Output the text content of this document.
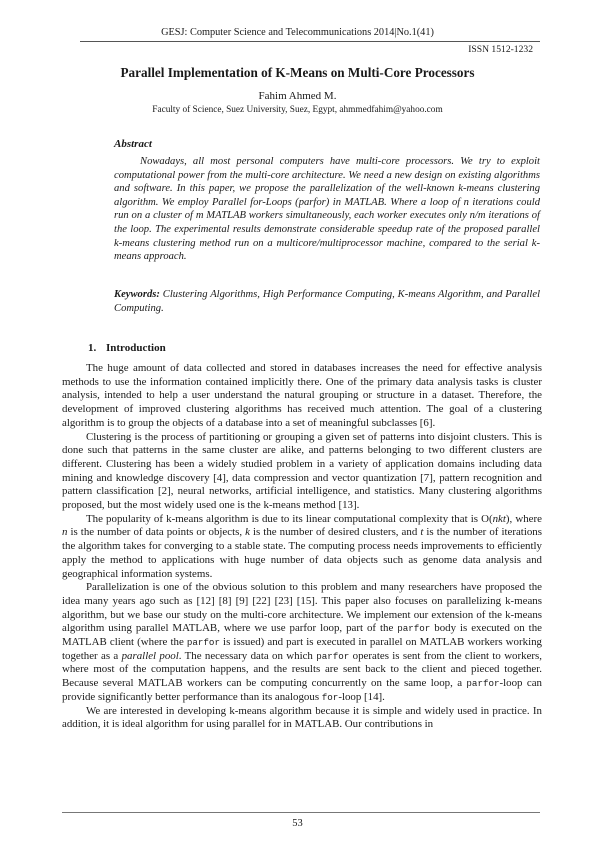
GESJ: Computer Science and Telecommunications 2014|No.1(41)
ISSN 1512-1232
Parallel Implementation of K-Means on Multi-Core Processors
Fahim Ahmed M.
Faculty of Science, Suez University, Suez, Egypt, ahmmedfahim@yahoo.com
Abstract

Nowadays, all most personal computers have multi-core processors. We try to exploit computational power from the multi-core architecture. We need a new design on existing algorithms and software. In this paper, we propose the parallelization of the well-known k-means clustering algorithm. We employ Parallel for-Loops (parfor) in MATLAB. Where a loop of n iterations could run on a cluster of m MATLAB workers simultaneously, each worker executes only n/m iterations of the loop. The experimental results demonstrate considerable speedup rate of the proposed parallel k-means clustering method run on a multicore/multiprocessor machine, compared to the serial k-means approach.

Keywords: Clustering Algorithms, High Performance Computing, K-means Algorithm, and Parallel Computing.

1. Introduction

The huge amount of data collected and stored in databases increases the need for effective analysis methods to use the information contained implicitly there. One of the primary data analysis tasks is cluster analysis, intended to help a user understand the natural grouping or structure in a dataset. Therefore, the development of improved clustering algorithms has received much attention. The goal of a clustering algorithm is to group the objects of a database into a set of meaningful subclasses [6].

Clustering is the process of partitioning or grouping a given set of patterns into disjoint clusters. This is done such that patterns in the same cluster are alike, and patterns belonging to two different clusters are different. Clustering has been a widely studied problem in a variety of application domains including data mining and knowledge discovery [4], data compression and vector quantization [7], pattern recognition and pattern classification [2], neural networks, artificial intelligence, and statistics. Many clustering algorithms proposed, but the most widely used one is the k-means method [13].

The popularity of k-means algorithm is due to its linear computational complexity that is O(nkt), where n is the number of data points or objects, k is the number of desired clusters, and t is the number of iterations the algorithm takes for converging to a stable state. The computing process needs improvements to efficiently apply the method to applications with huge number of data objects such as genome data analysis and geographical information systems.

Parallelization is one of the obvious solution to this problem and many researchers have proposed the idea many years ago such as [12] [8] [9] [22] [23] [15]. This paper also focuses on parallelizing k-means algorithm, but we base our study on the multi-core architecture. We implement our extension of the k-means algorithm using parallel MATLAB, where we use parfor loop, part of the parfor body is executed on the MATLAB client (where the parfor is issued) and part is executed in parallel on MATLAB workers working together as a parallel pool. The necessary data on which parfor operates is sent from the client to workers, where most of the computation happens, and the results are sent back to the client and pieced together. Because several MATLAB workers can be computing concurrently on the same loop, a parfor-loop can provide significantly better performance than its analogous for-loop [14].

We are interested in developing k-means algorithm because it is simple and widely used in practice. In addition, it is ideal algorithm for using parallel for in MATLAB. Our contributions in

53
